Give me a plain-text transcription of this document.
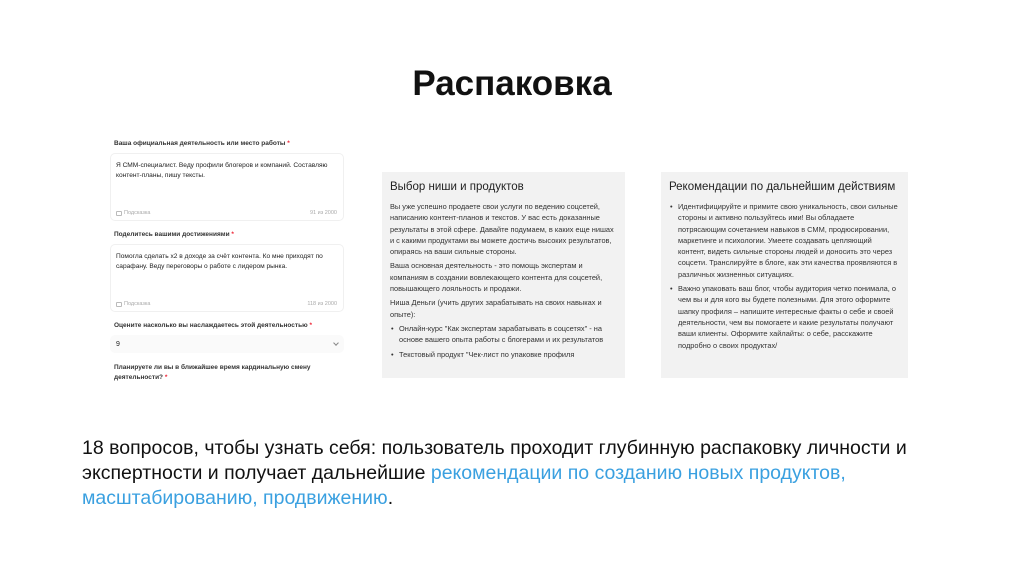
Распаковка
Ваша официальная деятельность или место работы *
Я СММ-специалист. Веду профили блогеров и компаний. Составляю контент-планы, пишу тексты.
Подсказка	91 из 2000
Поделитесь вашими достижениями *
Помогла сделать х2 в доходе за счёт контента. Ко мне приходят по сарафану. Веду переговоры о работе с лидером рынка.
Подсказка	118 из 2000
Оцените насколько вы наслаждаетесь этой деятельностью *
9
Планируете ли вы в ближайшее время кардинальную смену деятельности? *
Выбор ниши и продуктов

Вы уже успешно продаете свои услуги по ведению соцсетей, написанию контент-планов и текстов. У вас есть доказанные результаты в этой сфере. Давайте подумаем, в каких еще нишах и с какими продуктами вы можете достичь высоких результатов, опираясь на ваши сильные стороны.

Ваша основная деятельность - это помощь экспертам и компаниям в создании вовлекающего контента для соцсетей, повышающего лояльность и продажи.

Ниша Деньги (учить других зарабатывать на своих навыках и опыте):

• Онлайн-курс "Как экспертам зарабатывать в соцсетях" - на основе вашего опыта работы с блогерами и их результатов
• Текстовый продукт "Чек-лист по упаковке профиля
Рекомендации по дальнейшим действиям
• Идентифицируйте и примите свою уникальность, свои сильные стороны и активно пользуйтесь ими! Вы обладаете потрясающим сочетанием навыков в СММ, продюсировании, маркетинге и психологии. Умеете создавать цепляющий контент, видеть сильные стороны людей и доносить это через соцсети. Транслируйте в блоге, как эти качества проявляются в различных жизненных ситуациях.
• Важно упаковать ваш блог, чтобы аудитория четко понимала, о чем вы и для кого вы будете полезными. Для этого оформите шапку профиля – напишите интересные факты о себе и своей деятельности, чем вы помогаете и какие результаты получают ваши клиенты. Оформите хайлайты: о себе, расскажите подробно о своих продуктах/
18 вопросов, чтобы узнать себя: пользователь проходит глубинную распаковку личности и экспертности и получает дальнейшие рекомендации по созданию новых продуктов, масштабированию, продвижению.
